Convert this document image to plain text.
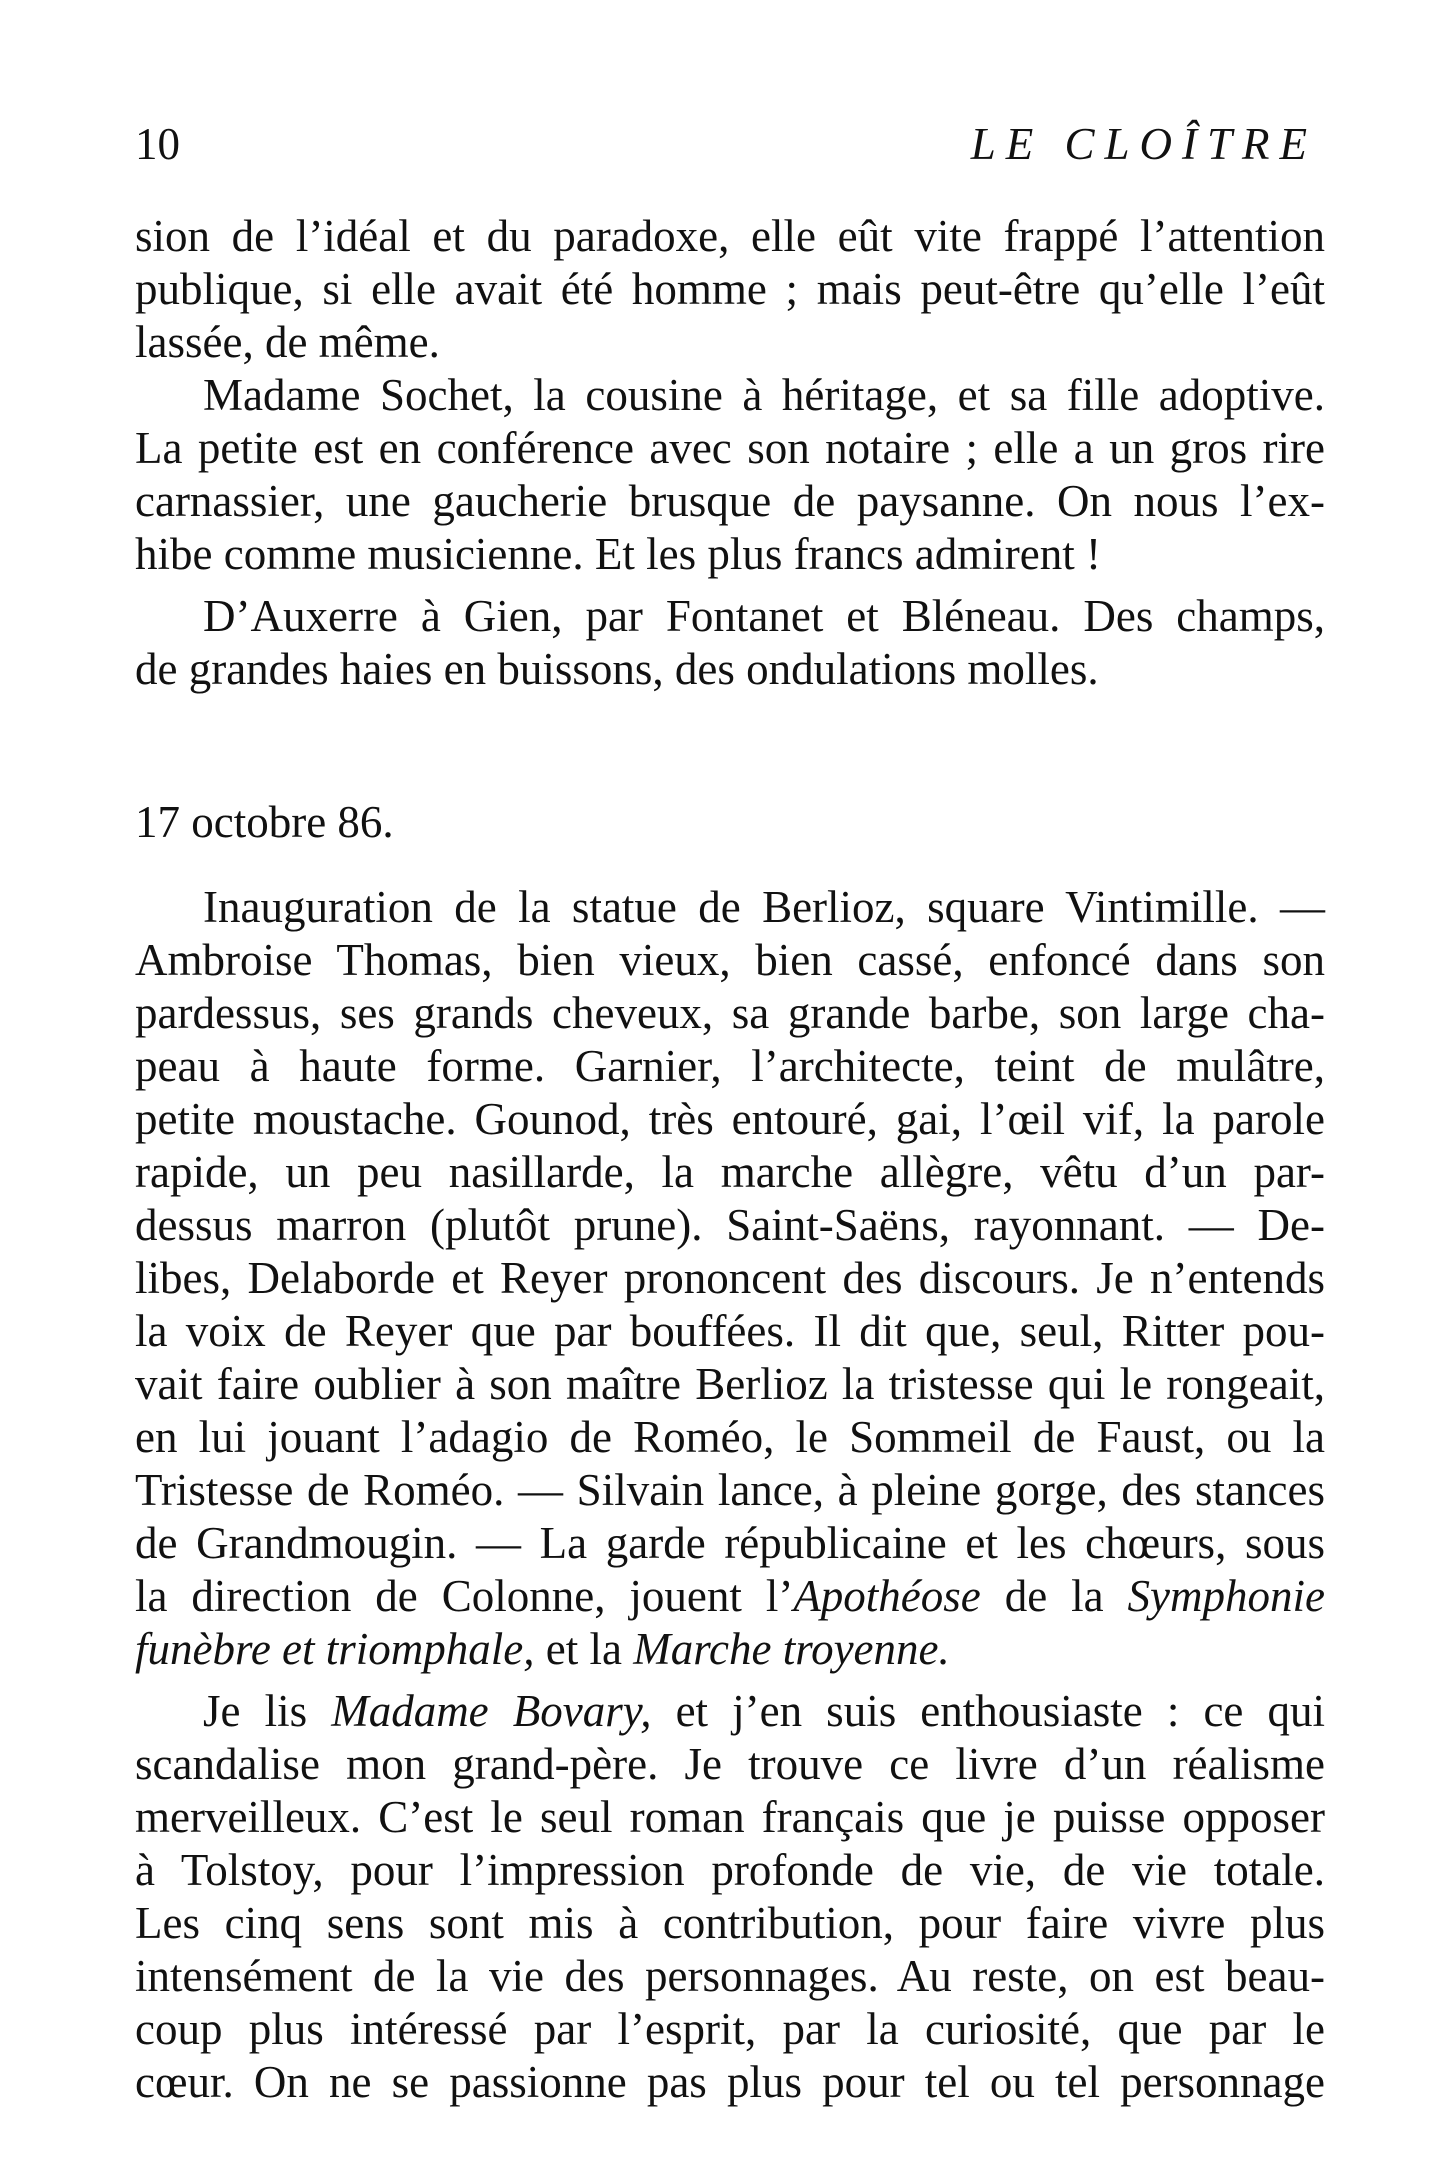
10	LE CLOÎTRE
sion de l’idéal et du paradoxe, elle eût vite frappé l’attention
publique, si elle avait été homme ; mais peut-être qu’elle l’eût
lassée, de même.
Madame Sochet, la cousine à héritage, et sa fille adoptive.
La petite est en conférence avec son notaire ; elle a un gros rire
carnassier, une gaucherie brusque de paysanne. On nous l’ex-
hibe comme musicienne. Et les plus francs admirent !
D’Auxerre à Gien, par Fontanet et Bléneau. Des champs,
de grandes haies en buissons, des ondulations molles.
17 octobre 86.
Inauguration de la statue de Berlioz, square Vintimille. —
Ambroise Thomas, bien vieux, bien cassé, enfoncé dans son
pardessus, ses grands cheveux, sa grande barbe, son large cha-
peau à haute forme. Garnier, l’architecte, teint de mulâtre,
petite moustache. Gounod, très entouré, gai, l’œil vif, la parole
rapide, un peu nasillarde, la marche allègre, vêtu d’un par-
dessus marron (plutôt prune). Saint-Saëns, rayonnant. — De-
libes, Delaborde et Reyer prononcent des discours. Je n’entends
la voix de Reyer que par bouffées. Il dit que, seul, Ritter pou-
vait faire oublier à son maître Berlioz la tristesse qui le rongeait,
en lui jouant l’adagio de Roméo, le Sommeil de Faust, ou la
Tristesse de Roméo. — Silvain lance, à pleine gorge, des stances
de Grandmougin. — La garde républicaine et les chœurs, sous
la direction de Colonne, jouent l’Apothéose de la Symphonie
funèbre et triomphale, et la Marche troyenne.
Je lis Madame Bovary, et j’en suis enthousiaste : ce qui
scandalise mon grand-père. Je trouve ce livre d’un réalisme
merveilleux. C’est le seul roman français que je puisse opposer
à Tolstoy, pour l’impression profonde de vie, de vie totale.
Les cinq sens sont mis à contribution, pour faire vivre plus
intensément de la vie des personnages. Au reste, on est beau-
coup plus intéressé par l’esprit, par la curiosité, que par le
cœur. On ne se passionne pas plus pour tel ou tel personnage
